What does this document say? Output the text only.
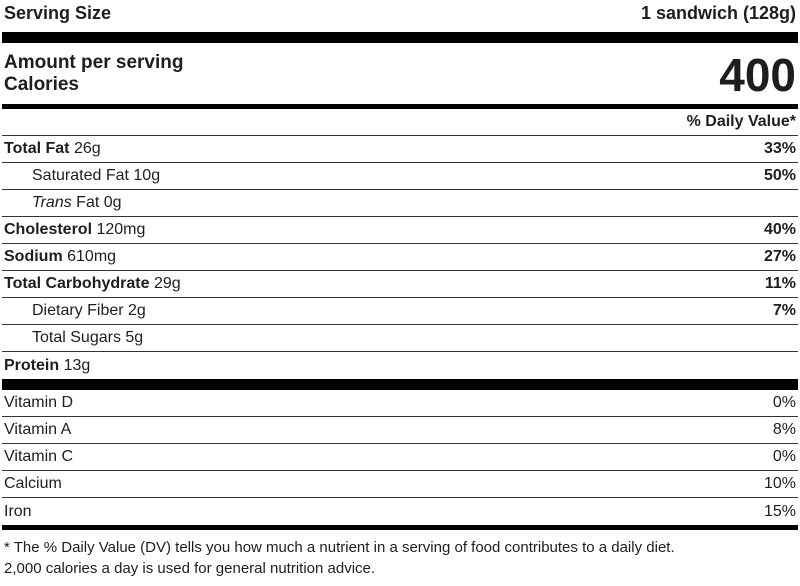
Serving Size	1 sandwich (128g)
Amount per serving
Calories	400
% Daily Value*
Total Fat 26g	33%
Saturated Fat 10g	50%
Trans Fat 0g
Cholesterol 120mg	40%
Sodium 610mg	27%
Total Carbohydrate 29g	11%
Dietary Fiber 2g	7%
Total Sugars 5g
Protein 13g
Vitamin D	0%
Vitamin A	8%
Vitamin C	0%
Calcium	10%
Iron	15%
* The % Daily Value (DV) tells you how much a nutrient in a serving of food contributes to a daily diet.
2,000 calories a day is used for general nutrition advice.
